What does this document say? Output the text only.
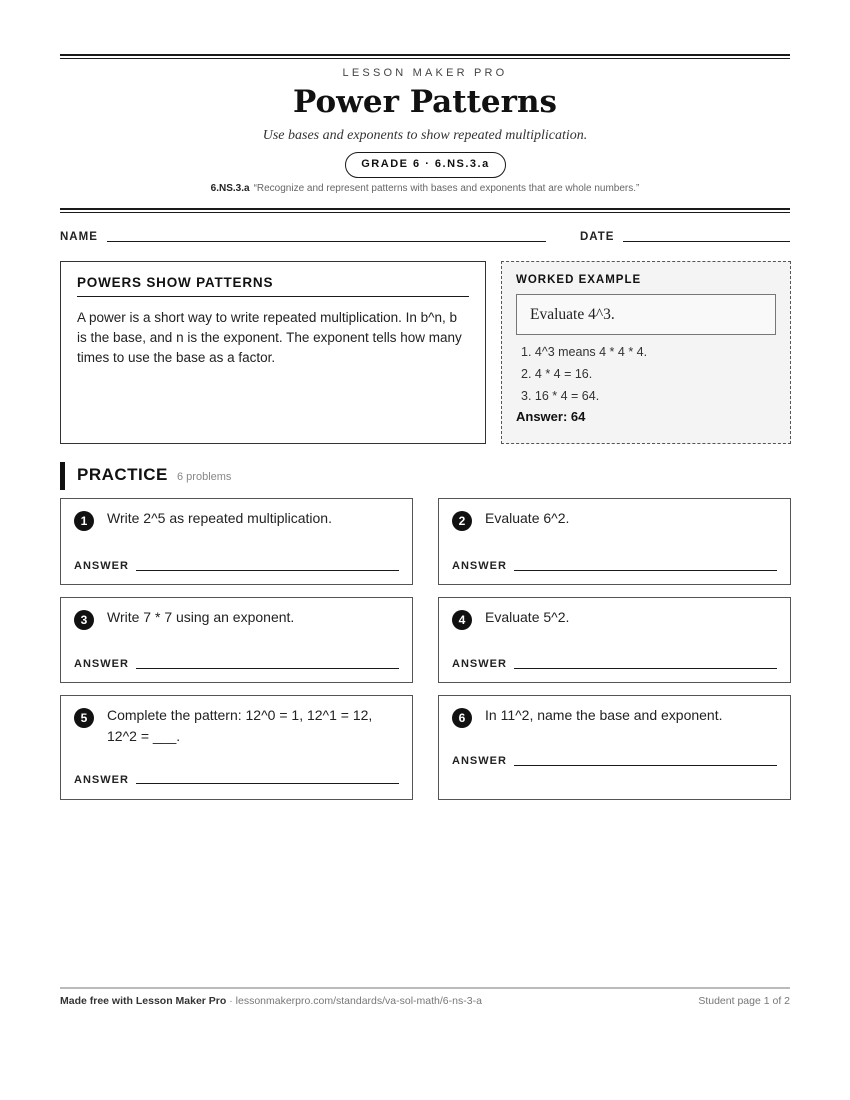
LESSON MAKER PRO
Power Patterns
Use bases and exponents to show repeated multiplication.
GRADE 6 · 6.NS.3.a
6.NS.3.a “Recognize and represent patterns with bases and exponents that are whole numbers.”
NAME	DATE
POWERS SHOW PATTERNS

A power is a short way to write repeated multiplication. In b^n, b is the base, and n is the exponent. The exponent tells how many times to use the base as a factor.

WORKED EXAMPLE
Evaluate 4^3.
1. 4^3 means 4 * 4 * 4.
2. 4 * 4 = 16.
3. 16 * 4 = 64.
Answer: 64
PRACTICE 6 problems
1	Write 2^5 as repeated multiplication.
ANSWER
2	Evaluate 6^2.
ANSWER
3	Write 7 * 7 using an exponent.
ANSWER
4	Evaluate 5^2.
ANSWER
5	Complete the pattern: 12^0 = 1, 12^1 = 12, 12^2 = ___.
ANSWER
6	In 11^2, name the base and exponent.
ANSWER
Made free with Lesson Maker Pro · lessonmakerpro.com/standards/va-sol-math/6-ns-3-a	Student page 1 of 2
